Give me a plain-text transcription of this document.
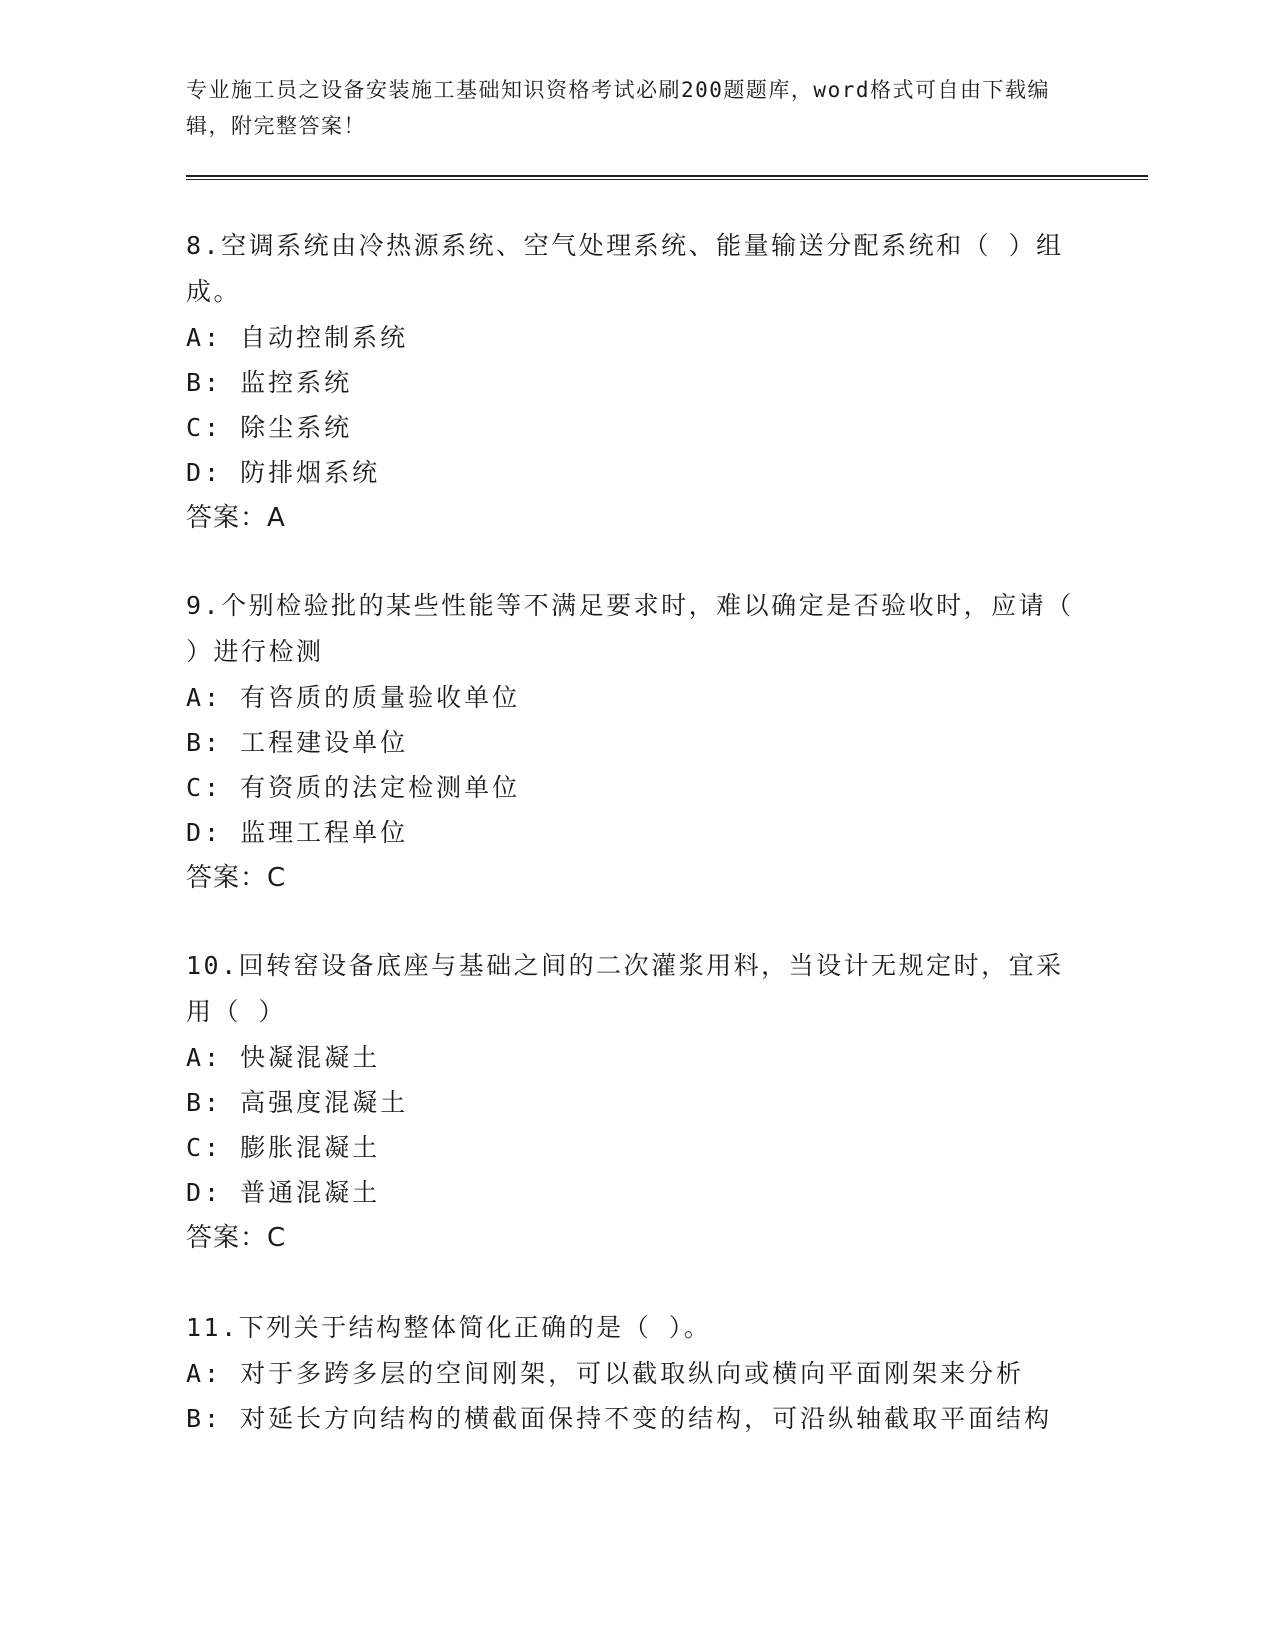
专业施工员之设备安装施工基础知识资格考试必刷200题题库，word格式可自由下载编辑，附完整答案！
8.空调系统由冷热源系统、空气处理系统、能量输送分配系统和（ ）组成。
A: 自动控制系统
B: 监控系统
C: 除尘系统
D: 防排烟系统
答案：A
9.个别检验批的某些性能等不满足要求时，难以确定是否验收时，应请（ ）进行检测
A: 有咨质的质量验收单位
B: 工程建设单位
C: 有资质的法定检测单位
D: 监理工程单位
答案：C
10.回转窑设备底座与基础之间的二次灌浆用料，当设计无规定时，宜采用（ ）
A: 快凝混凝土
B: 高强度混凝土
C: 膨胀混凝土
D: 普通混凝土
答案：C
11.下列关于结构整体简化正确的是（ ）。
A: 对于多跨多层的空间刚架，可以截取纵向或横向平面刚架来分析
B: 对延长方向结构的横截面保持不变的结构，可沿纵轴截取平面结构
